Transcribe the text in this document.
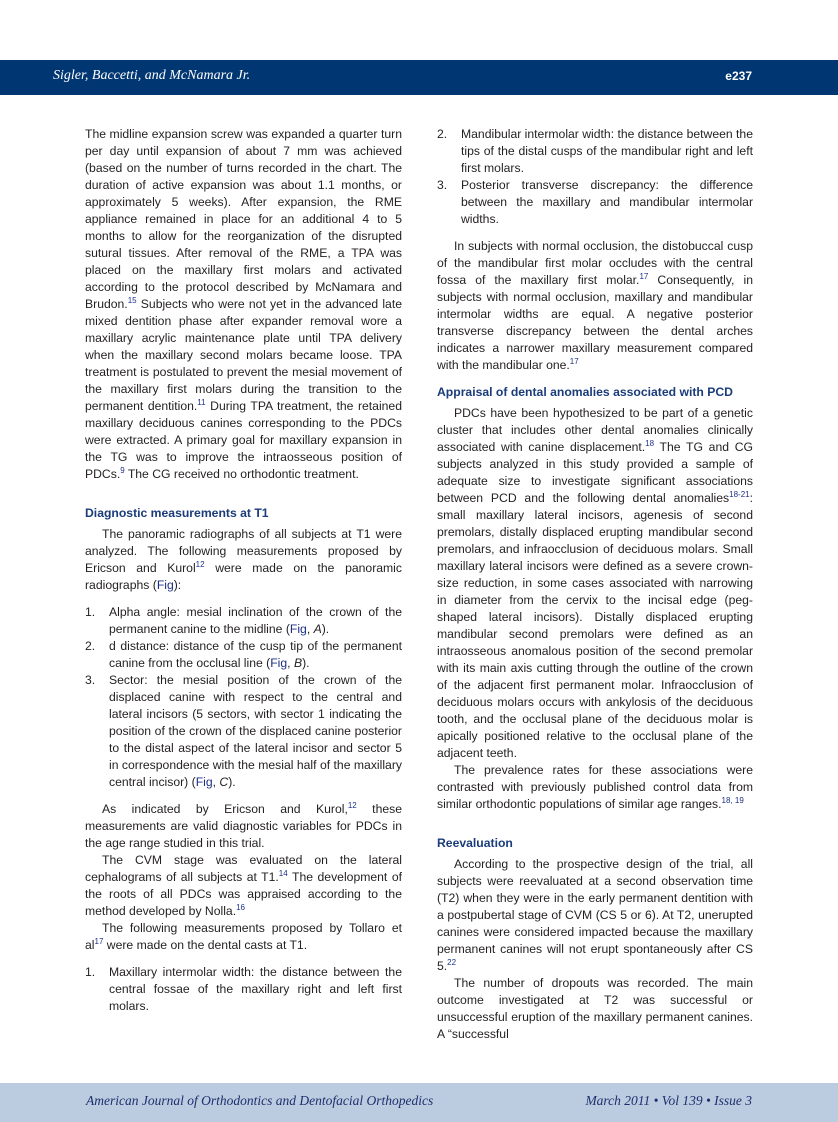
Sigler, Baccetti, and McNamara Jr.	e237

The midline expansion screw was expanded a quarter turn per day until expansion of about 7 mm was achieved (based on the number of turns recorded in the chart. The duration of active expansion was about 1.1 months, or approximately 5 weeks). After expansion, the RME appliance remained in place for an additional 4 to 5 months to allow for the reorganization of the disrupted sutural tissues. After removal of the RME, a TPA was placed on the maxillary first molars and activated according to the protocol described by McNamara and Brudon.$^{15}$ Subjects who were not yet in the advanced late mixed dentition phase after expander removal wore a maxillary acrylic maintenance plate until TPA delivery when the maxillary second molars became loose. TPA treatment is postulated to prevent the mesial movement of the maxillary first molars during the transition to the permanent dentition.$^{11}$ During TPA treatment, the retained maxillary deciduous canines corresponding to the PDCs were extracted. A primary goal for maxillary expansion in the TG was to improve the intraosseous position of PDCs.$^9$ The CG received no orthodontic treatment.

Diagnostic measurements at T1

The panoramic radiographs of all subjects at T1 were analyzed. The following measurements proposed by Ericson and Kurol$^{12}$ were made on the panoramic radiographs (Fig):

1. Alpha angle: mesial inclination of the crown of the permanent canine to the midline (Fig, A).
2. d distance: distance of the cusp tip of the permanent canine from the occlusal line (Fig, B).
3. Sector: the mesial position of the crown of the displaced canine with respect to the central and lateral incisors (5 sectors, with sector 1 indicating the position of the crown of the displaced canine posterior to the distal aspect of the lateral incisor and sector 5 in correspondence with the mesial half of the maxillary central incisor) (Fig, C).

As indicated by Ericson and Kurol,$^{12}$ these measurements are valid diagnostic variables for PDCs in the age range studied in this trial.

The CVM stage was evaluated on the lateral cephalograms of all subjects at T1.14 The development of the roots of all PDCs was appraised according to the method developed by Nolla.$^{16}$

The following measurements proposed by Tollaro et $al^{17}$ were made on the dental casts at T1.

1. Maxillary intermolar width: the distance between the central fossae of the maxillary right and left first molars.
2. Mandibular intermolar width: the distance between the tips of the distal cusps of the mandibular right and left first molars.
3. Posterior transverse discrepancy: the difference between the maxillary and mandibular intermolar widths.

In subjects with normal occlusion, the distobuccal cusp of the mandibular first molar occludes with the central fossa of the maxillary first molar.$^{17}$ Consequently, in subjects with normal occlusion, maxillary and mandibular intermolar widths are equal. A negative posterior transverse discrepancy between the dental arches indicates a narrower maxillary measurement compared with the mandibular one.$^{17}$

Appraisal of dental anomalies associated with PCD

PDCs have been hypothesized to be part of a genetic cluster that includes other dental anomalies clinically associated with canine displacement.$^{18}$ The TG and CG subjects analyzed in this study provided a sample of adequate size to investigate significant associations between PCD and the following dental anomalies$^{18-21}$: small maxillary lateral incisors, agenesis of second premolars, distally displaced erupting mandibular second premolars, and infraocclusion of deciduous molars. Small maxillary lateral incisors were defined as a severe crown-size reduction, in some cases associated with narrowing in diameter from the cervix to the incisal edge (peg-shaped lateral incisors). Distally displaced erupting mandibular second premolars were defined as an intraosseous anomalous position of the second premolar with its main axis cutting through the outline of the crown of the adjacent first permanent molar. Infraocclusion of deciduous molars occurs with ankylosis of the deciduous tooth, and the occlusal plane of the deciduous molar is apically positioned relative to the occlusal plane of the adjacent teeth.

The prevalence rates for these associations were contrasted with previously published control data from similar orthodontic populations of similar age ranges.$^{18, 19}$

Reevaluation

According to the prospective design of the trial, all subjects were reevaluated at a second observation time (T2) when they were in the early permanent dentition with a postpubertal stage of CVM (CS 5 or 6). At T2, unerupted canines were considered impacted because the maxillary permanent canines will not erupt spontaneously after CS 5.22

The number of dropouts was recorded. The main outcome investigated at T2 was successful or unsuccessful eruption of the maxillary permanent canines. A “successful

American Journal of Orthodontics and Dentofacial Orthopedics	March 2011 • Vol 139 • Issue 3
